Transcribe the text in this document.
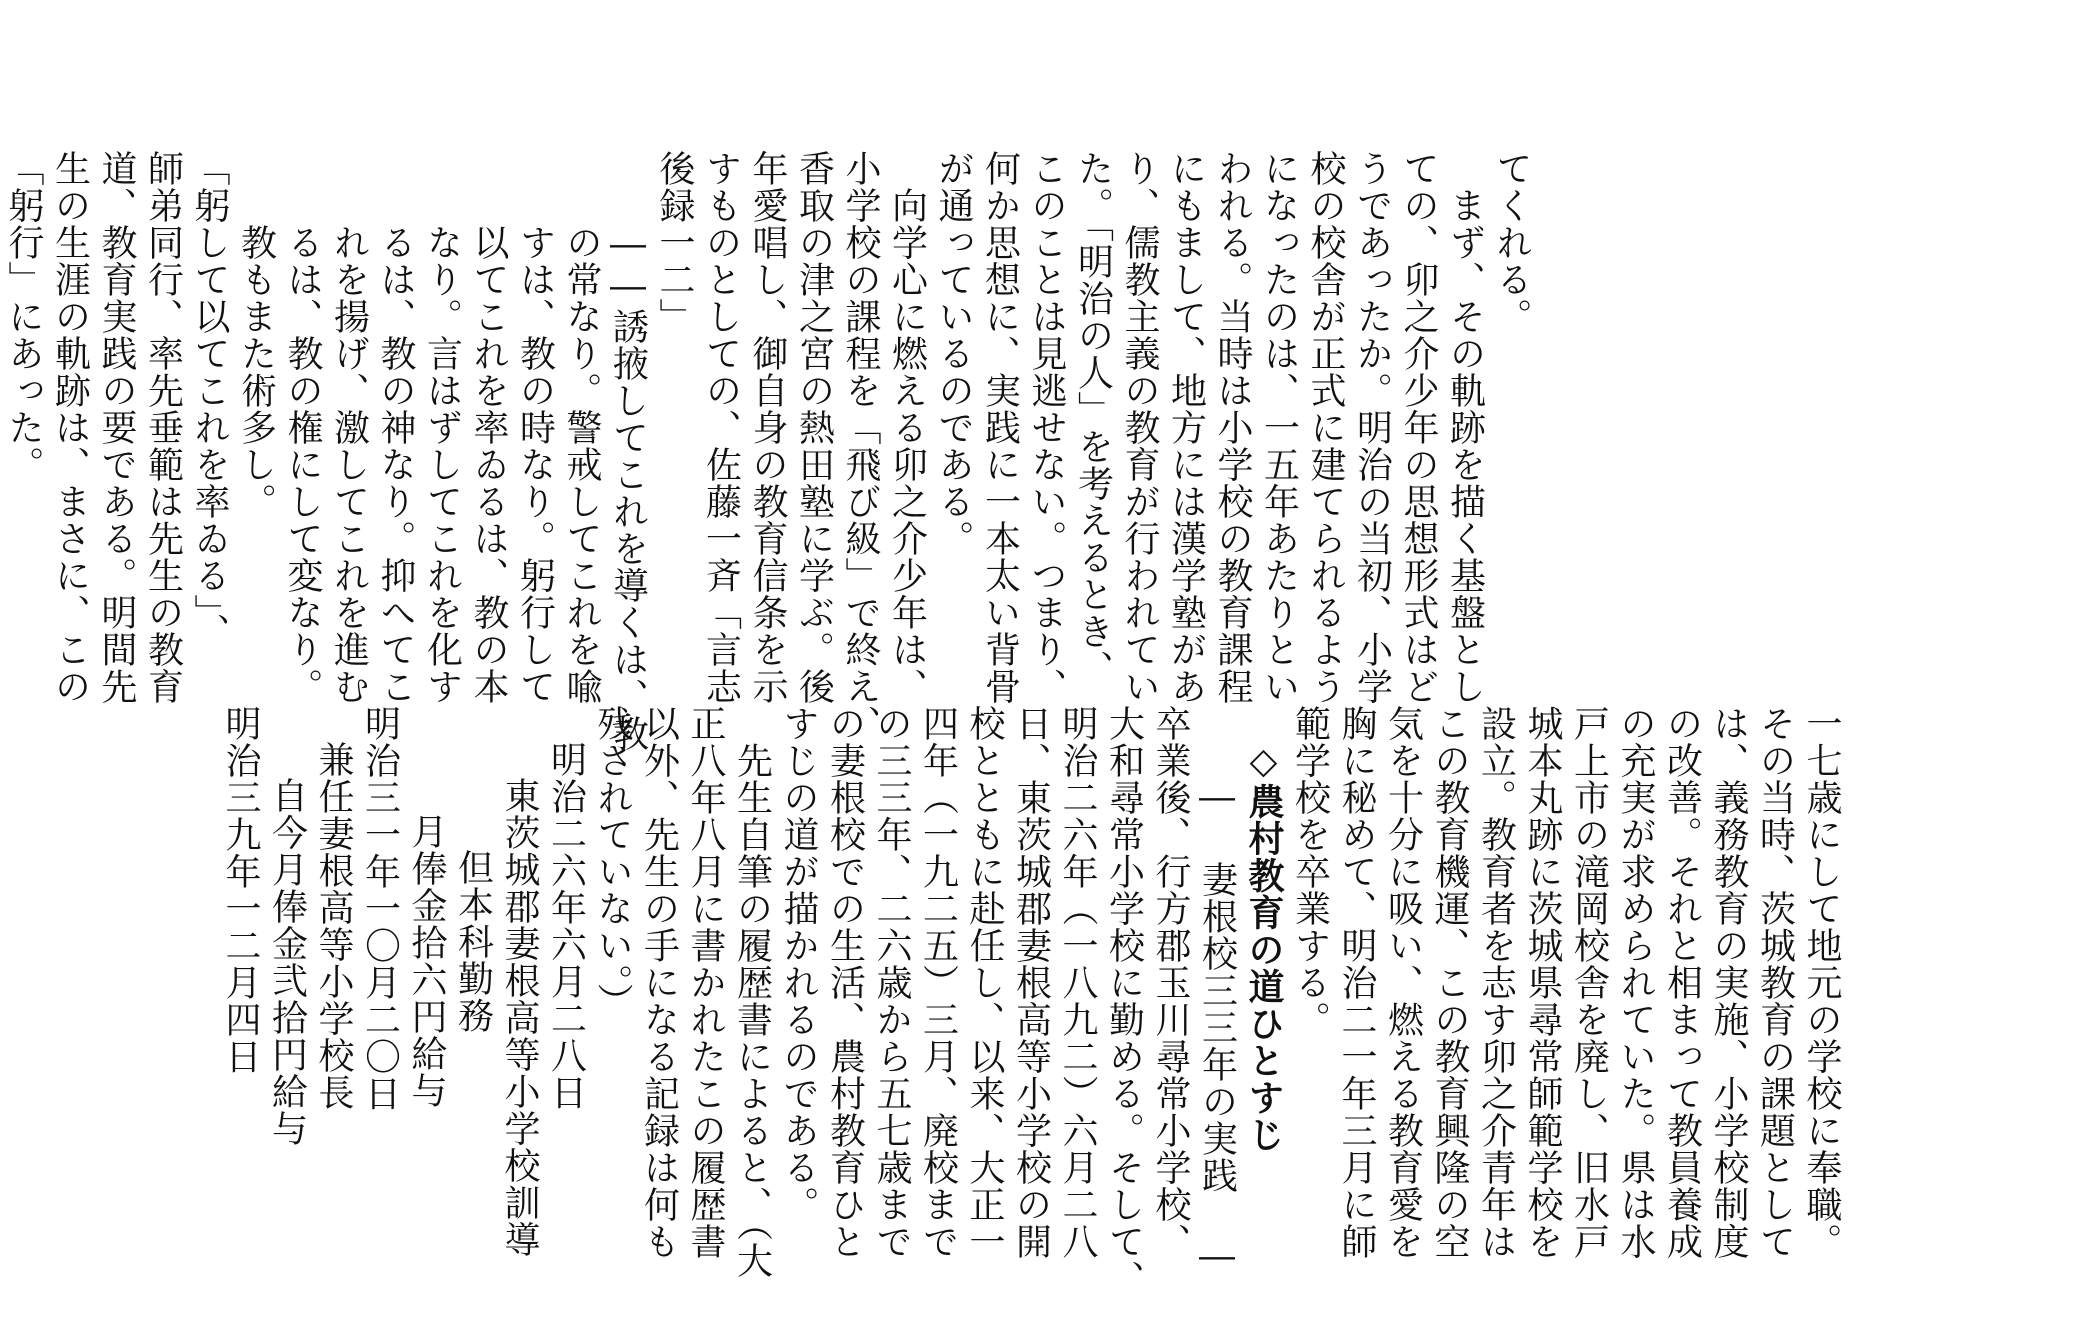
てくれる。
　まず、その軌跡を描く基盤とし
ての、卯之介少年の思想形式はど
うであったか。明治の当初、小学
校の校舎が正式に建てられるよう
になったのは、一五年あたりとい
われる。当時は小学校の教育課程
にもまして、地方には漢学塾があ
り、儒教主義の教育が行われてい
た。「明治の人」を考えるとき、
このことは見逃せない。つまり、
何か思想に、実践に一本太い背骨
が通っているのである。
　向学心に燃える卯之介少年は、
小学校の課程を「飛び級」で終え、
香取の津之宮の熱田塾に学ぶ。後
年愛唱し、御自身の教育信条を示
すものとしての、佐藤一斉「言志
後録一二」
　　――誘掖してこれを導くは、教
　　の常なり。警戒してこれを喩
　　すは、教の時なり。躬行して
　　以てこれを率ゐるは、教の本
　　なり。言はずしてこれを化す
　　るは、教の神なり。抑へてこ
　　れを揚げ、激してこれを進む
　　るは、教の権にして変なり。
　　教もまた術多し。
「躬して以てこれを率ゐる」、
師弟同行、率先垂範は先生の教育
道、教育実践の要である。明間先
生の生涯の軌跡は、まさに、この
「躬行」にあった。
一七歳にして地元の学校に奉職。
その当時、茨城教育の課題として
は、義務教育の実施、小学校制度
の改善。それと相まって教員養成
の充実が求められていた。県は水
戸上市の滝岡校舎を廃し、旧水戸
城本丸跡に茨城県尋常師範学校を
設立。教育者を志す卯之介青年は
この教育機運、この教育興隆の空
気を十分に吸い、燃える教育愛を
胸に秘めて、明治二一年三月に師
範学校を卒業する。
◇農村教育の道ひとすじ
― 妻根校三三年の実践 ―
卒業後、行方郡玉川尋常小学校、
大和尋常小学校に勤める。そして、
明治二六年（一八九二）六月二八
日、東茨城郡妻根高等小学校の開
校とともに赴任し、以来、大正一
四年（一九二五）三月、廃校まで
の三三年、二六歳から五七歳まで
の妻根校での生活、農村教育ひと
すじの道が描かれるのである。
　先生自筆の履歴書によると、（大
正八年八月に書かれたこの履歴書
以外、先生の手になる記録は何も
残されていない。）
明治二六年六月二八日
東茨城郡妻根高等小学校訓導
但本科勤務
月俸金拾六円給与
明治三一年一〇月二〇日
兼任妻根高等小学校長
自今月俸金弐拾円給与
明治三九年一二月四日
